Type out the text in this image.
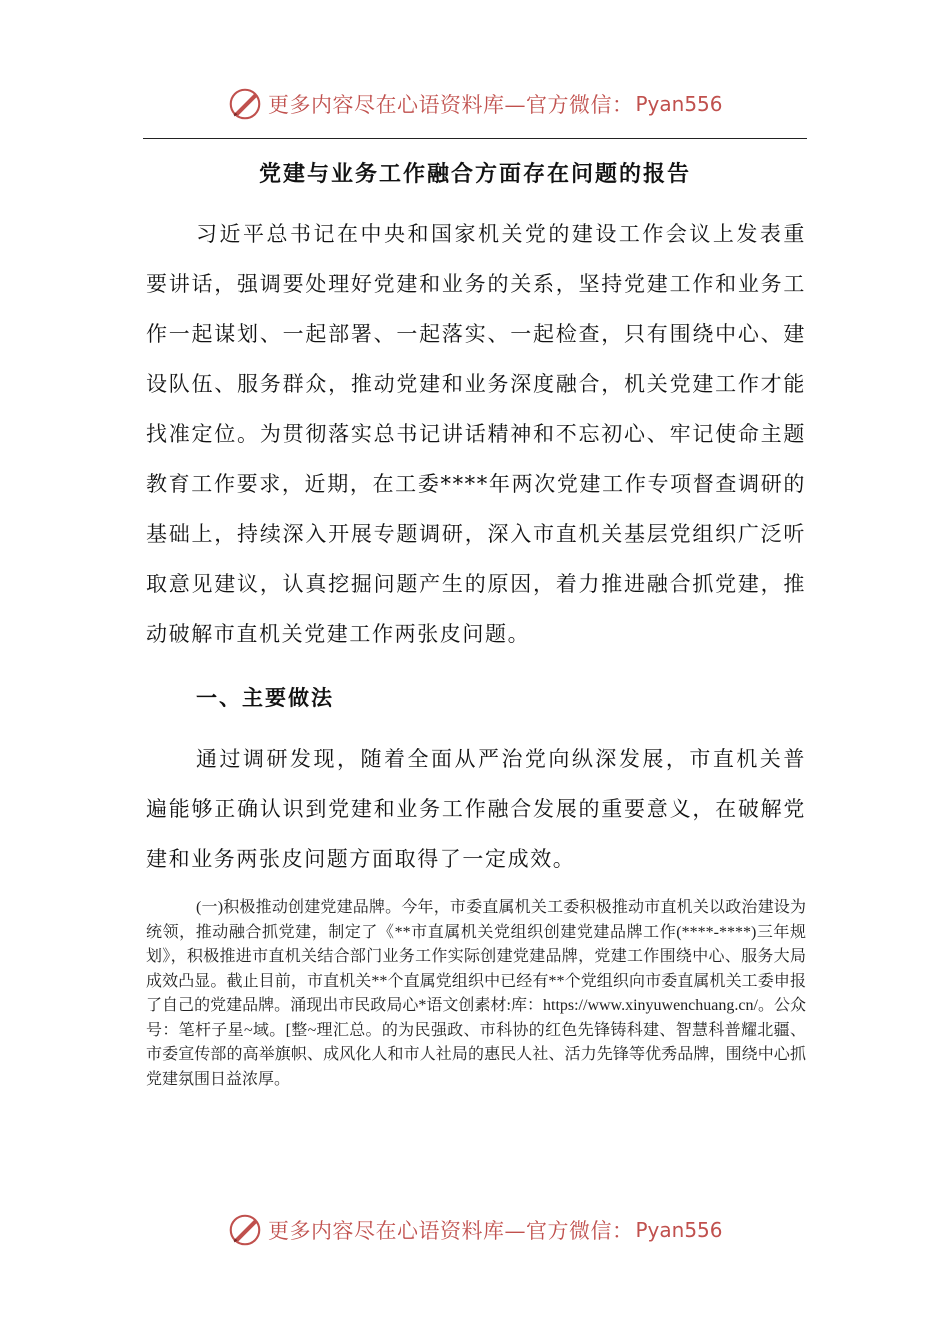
更多内容尽在心语资料库—官方微信： Pyan556
党建与业务工作融合方面存在问题的报告
习近平总书记在中央和国家机关党的建设工作会议上发表重要讲话，强调要处理好党建和业务的关系，坚持党建工作和业务工作一起谋划、一起部署、一起落实、一起检查，只有围绕中心、建设队伍、服务群众，推动党建和业务深度融合，机关党建工作才能找准定位。为贯彻落实总书记讲话精神和不忘初心、牢记使命主题教育工作要求，近期，在工委****年两次党建工作专项督查调研的基础上，持续深入开展专题调研，深入市直机关基层党组织广泛听取意见建议，认真挖掘问题产生的原因，着力推进融合抓党建，推动破解市直机关党建工作两张皮问题。
一、主要做法
通过调研发现，随着全面从严治党向纵深发展，市直机关普遍能够正确认识到党建和业务工作融合发展的重要意义，在破解党建和业务两张皮问题方面取得了一定成效。
(一)积极推动创建党建品牌。今年，市委直属机关工委积极推动市直机关以政治建设为统领，推动融合抓党建，制定了《**市直属机关党组织创建党建品牌工作(****-****)三年规划》，积极推进市直机关结合部门业务工作实际创建党建品牌，党建工作围绕中心、服务大局成效凸显。截止目前，市直机关**个直属党组织中已经有**个党组织向市委直属机关工委申报了自己的党建品牌。涌现出市民政局心*语文创素材:库：https://www.xinyuwenchuang.cn/。公众号：笔杆子星~域。[整~理汇总。的为民强政、市科协的红色先锋铸科建、智慧科普耀北疆、市委宣传部的高举旗帜、成风化人和市人社局的惠民人社、活力先锋等优秀品牌，围绕中心抓党建氛围日益浓厚。
更多内容尽在心语资料库—官方微信： Pyan556
